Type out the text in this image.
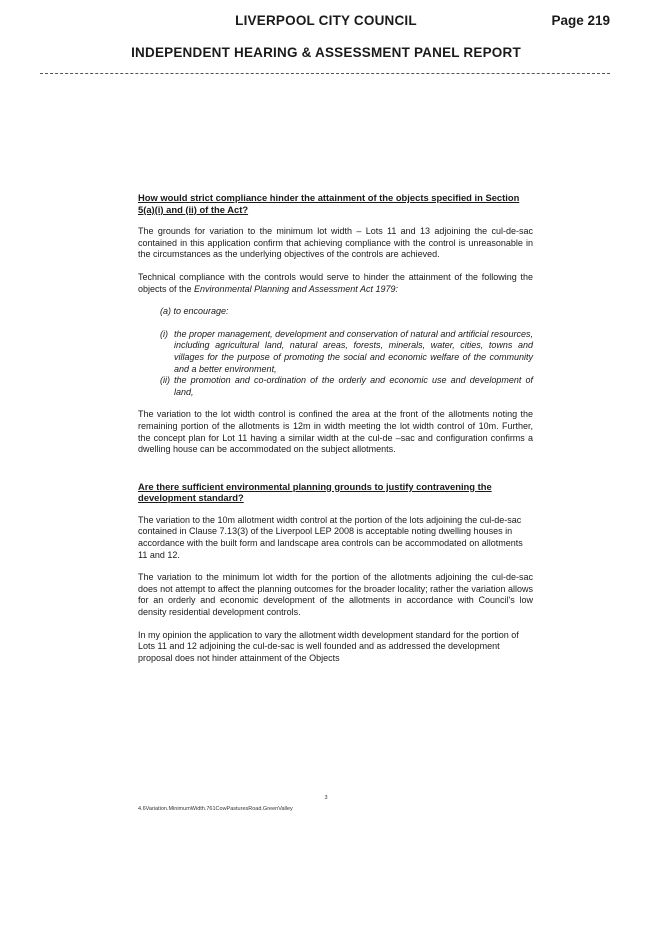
LIVERPOOL CITY COUNCIL	Page 219
INDEPENDENT HEARING & ASSESSMENT PANEL REPORT
How would strict compliance hinder the attainment of the objects specified in Section 5(a)(i) and (ii) of the Act?

The grounds for variation to the minimum lot width – Lots 11 and 13 adjoining the cul-de-sac contained in this application confirm that achieving compliance with the control is unreasonable in the circumstances as the underlying objectives of the controls are achieved.

Technical compliance with the controls would serve to hinder the attainment of the following the objects of the Environmental Planning and Assessment Act 1979:

(a) to encourage:
(i) the proper management, development and conservation of natural and artificial resources, including agricultural land, natural areas, forests, minerals, water, cities, towns and villages for the purpose of promoting the social and economic welfare of the community and a better environment,
(ii) the promotion and co-ordination of the orderly and economic use and development of land,

The variation to the lot width control is confined the area at the front of the allotments noting the remaining portion of the allotments is 12m in width meeting the lot width control of 10m. Further, the concept plan for Lot 11 having a similar width at the cul-de –sac and configuration confirms a dwelling house can be accommodated on the subject allotments.

Are there sufficient environmental planning grounds to justify contravening the development standard?

The variation to the 10m allotment width control at the portion of the lots adjoining the cul-de-sac contained in Clause 7.13(3) of the Liverpool LEP 2008 is acceptable noting dwelling houses in accordance with the built form and landscape area controls can be accommodated on allotments 11 and 12.

The variation to the minimum lot width for the portion of the allotments adjoining the cul-de-sac does not attempt to affect the planning outcomes for the broader locality; rather the variation allows for an orderly and economic development of the allotments in accordance with Council's low density residential development controls.

In my opinion the application to vary the allotment width development standard for the portion of Lots 11 and 12 adjoining the cul-de-sac is well founded and as addressed the development proposal does not hinder attainment of the Objects

3
4.6Variation.MinimumWidth.761CowPasturesRoad.GreenValley
